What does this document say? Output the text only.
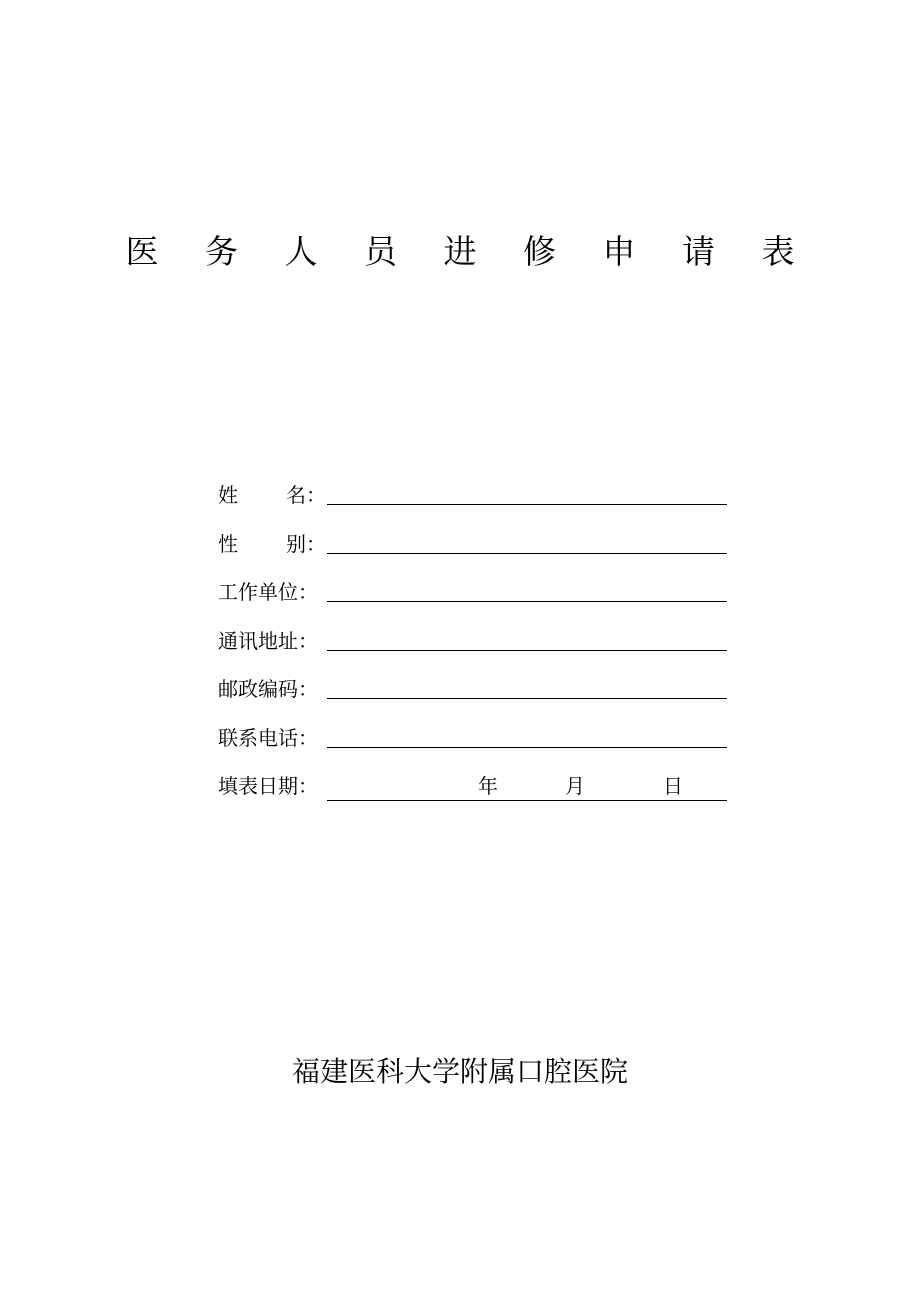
医 务 人 员 进 修 申 请 表
姓 名：
性 别：
工作单位：
通讯地址：
邮政编码：
联系电话：
填表日期：	年	月	日
福建医科大学附属口腔医院
